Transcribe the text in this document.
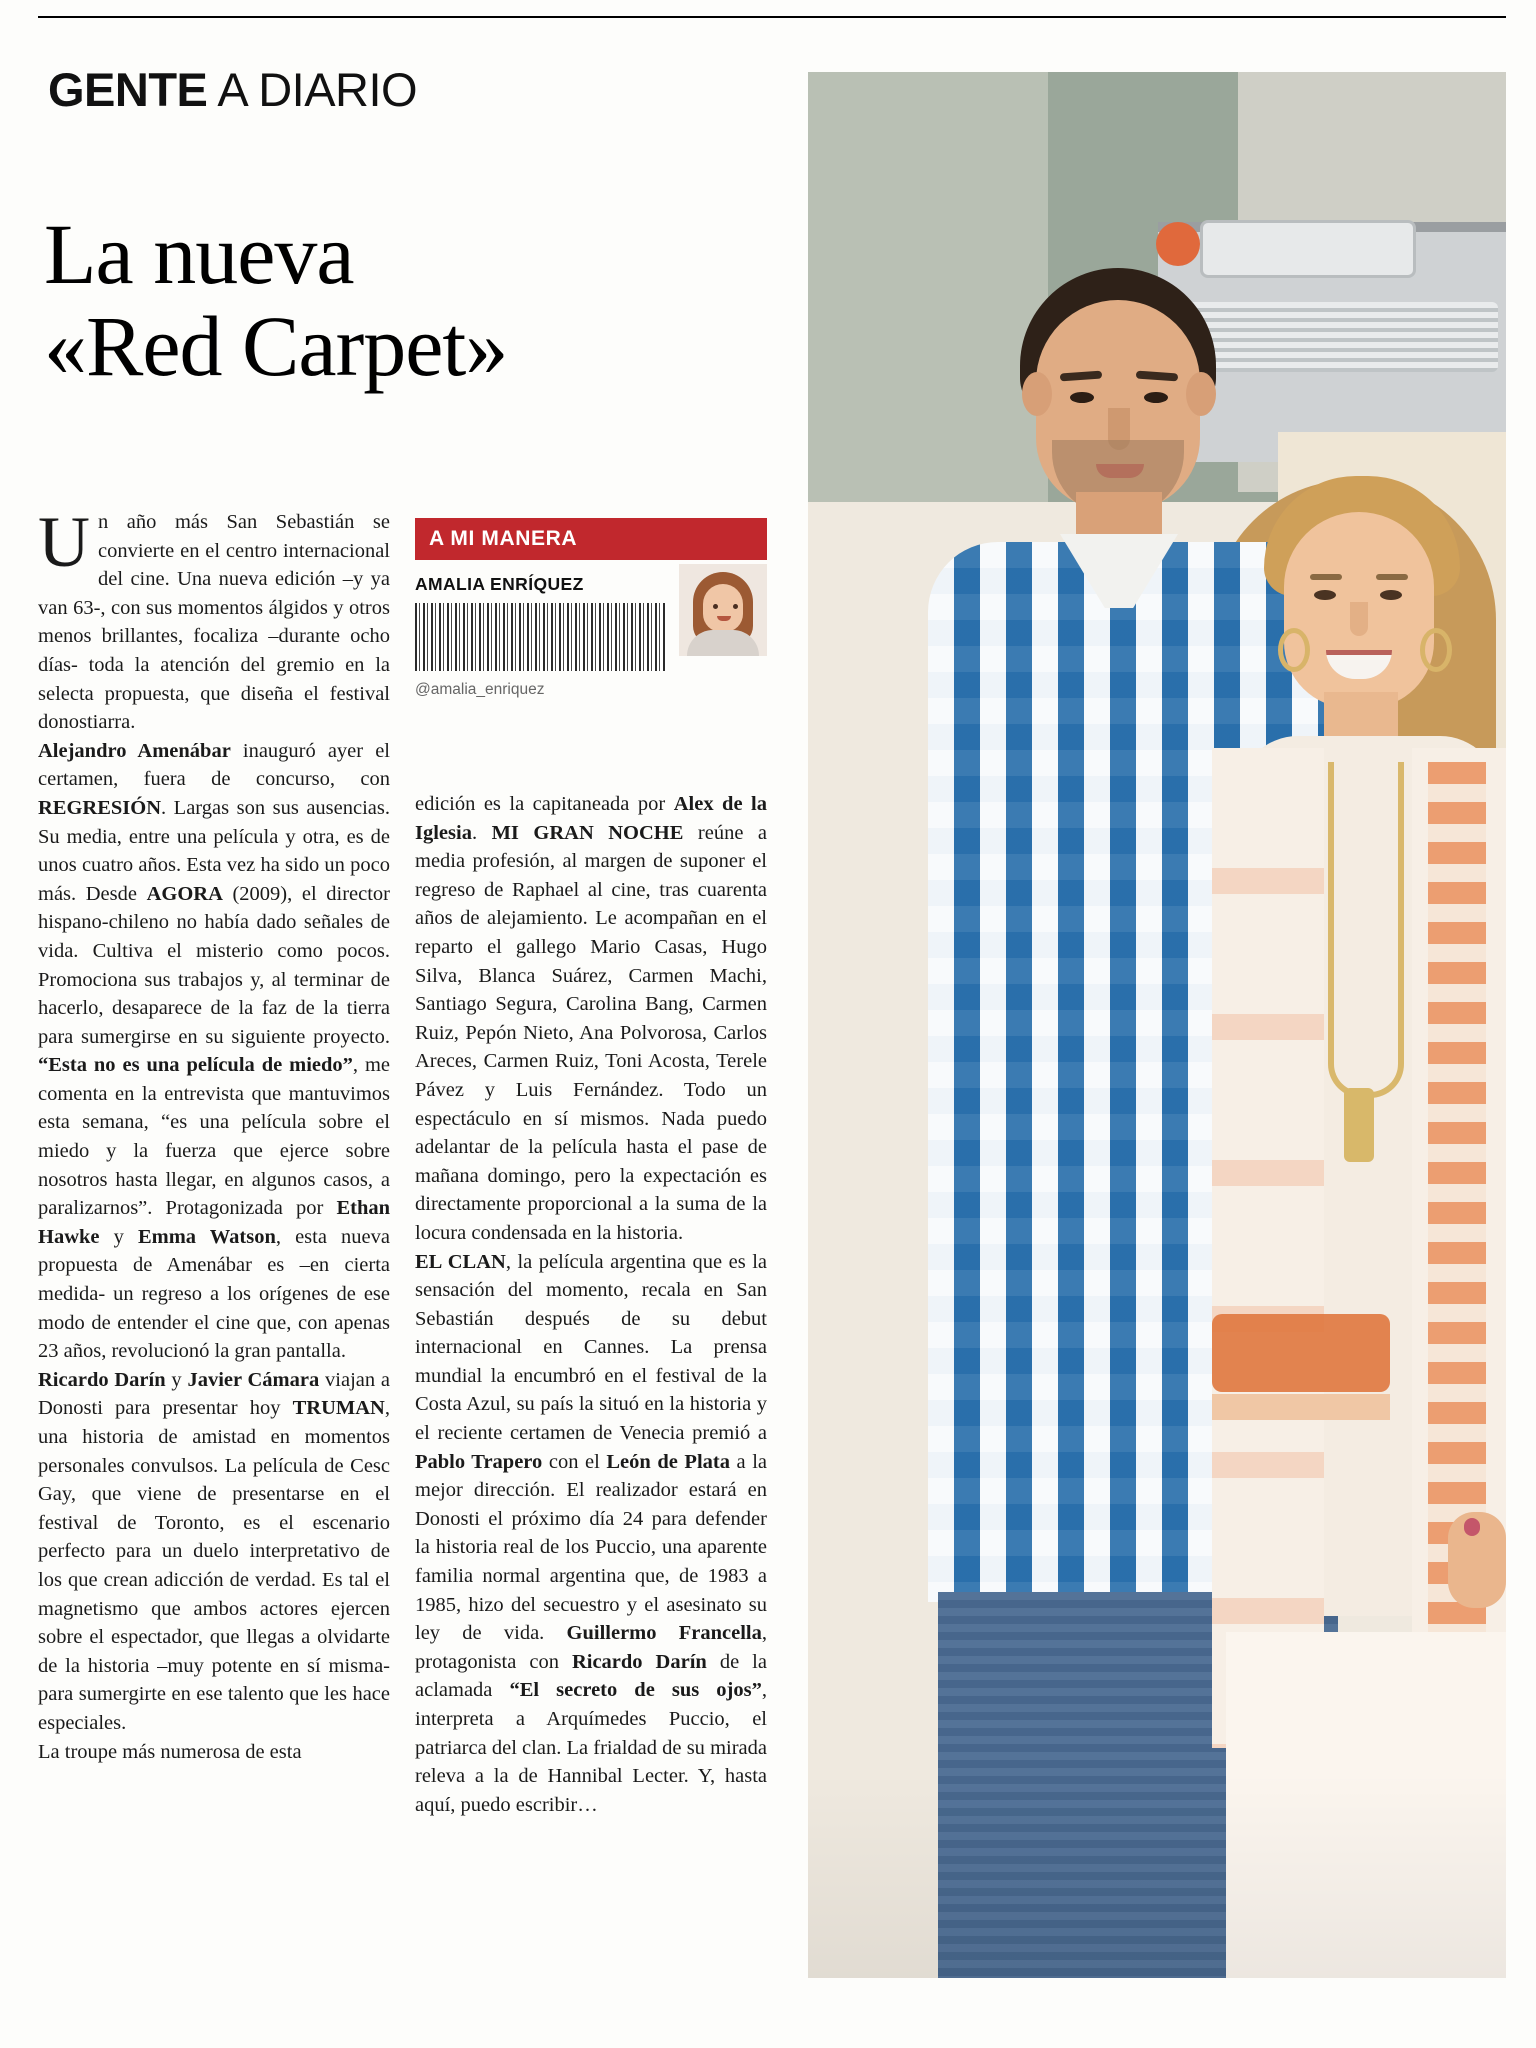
GENTE A DIARIO
La nueva
«Red Carpet»

Un año más San Sebastián se convierte en el centro internacional del cine. Una nueva edición –y ya van 63-, con sus momentos álgidos y otros menos brillantes, focaliza –durante ocho días- toda la atención del gremio en la selecta propuesta, que diseña el festival donostiarra.

Alejandro Amenábar inauguró ayer el certamen, fuera de concurso, con REGRESIÓN. Largas son sus ausencias. Su media, entre una película y otra, es de unos cuatro años. Esta vez ha sido un poco más. Desde AGORA (2009), el director hispano-chileno no había dado señales de vida. Cultiva el misterio como pocos. Promociona sus trabajos y, al terminar de hacerlo, desaparece de la faz de la tierra para sumergirse en su siguiente proyecto. “Esta no es una película de miedo”, me comenta en la entrevista que mantuvimos esta semana, “es una película sobre el miedo y la fuerza que ejerce sobre nosotros hasta llegar, en algunos casos, a paralizarnos”. Protagonizada por Ethan Hawke y Emma Watson, esta nueva propuesta de Amenábar es –en cierta medida- un regreso a los orígenes de ese modo de entender el cine que, con apenas 23 años, revolucionó la gran pantalla.

Ricardo Darín y Javier Cámara viajan a Donosti para presentar hoy TRUMAN, una historia de amistad en momentos personales convulsos. La película de Cesc Gay, que viene de presentarse en el festival de Toronto, es el escenario perfecto para un duelo interpretativo de los que crean adicción de verdad. Es tal el magnetismo que ambos actores ejercen sobre el espectador, que llegas a olvidarte de la historia –muy potente en sí misma- para sumergirte en ese talento que les hace especiales.

La troupe más numerosa de esta

A MI MANERA
AMALIA ENRÍQUEZ
@amalia_enriquez

edición es la capitaneada por Alex de la Iglesia. MI GRAN NOCHE reúne a media profesión, al margen de suponer el regreso de Raphael al cine, tras cuarenta años de alejamiento. Le acompañan en el reparto el gallego Mario Casas, Hugo Silva, Blanca Suárez, Carmen Machi, Santiago Segura, Carolina Bang, Carmen Ruiz, Pepón Nieto, Ana Polvorosa, Carlos Areces, Carmen Ruiz, Toni Acosta, Terele Pávez y Luis Fernández. Todo un espectáculo en sí mismos. Nada puedo adelantar de la película hasta el pase de mañana domingo, pero la expectación es directamente proporcional a la suma de la locura condensada en la historia.

EL CLAN, la película argentina que es la sensación del momento, recala en San Sebastián después de su debut internacional en Cannes. La prensa mundial la encumbró en el festival de la Costa Azul, su país la situó en la historia y el reciente certamen de Venecia premió a Pablo Trapero con el León de Plata a la mejor dirección. El realizador estará en Donosti el próximo día 24 para defender la historia real de los Puccio, una aparente familia normal argentina que, de 1983 a 1985, hizo del secuestro y el asesinato su ley de vida. Guillermo Francella, protagonista con Ricardo Darín de la aclamada “El secreto de sus ojos”, interpreta a Arquímedes Puccio, el patriarca del clan. La frialdad de su mirada releva a la de Hannibal Lecter. Y, hasta aquí, puedo escribir…
